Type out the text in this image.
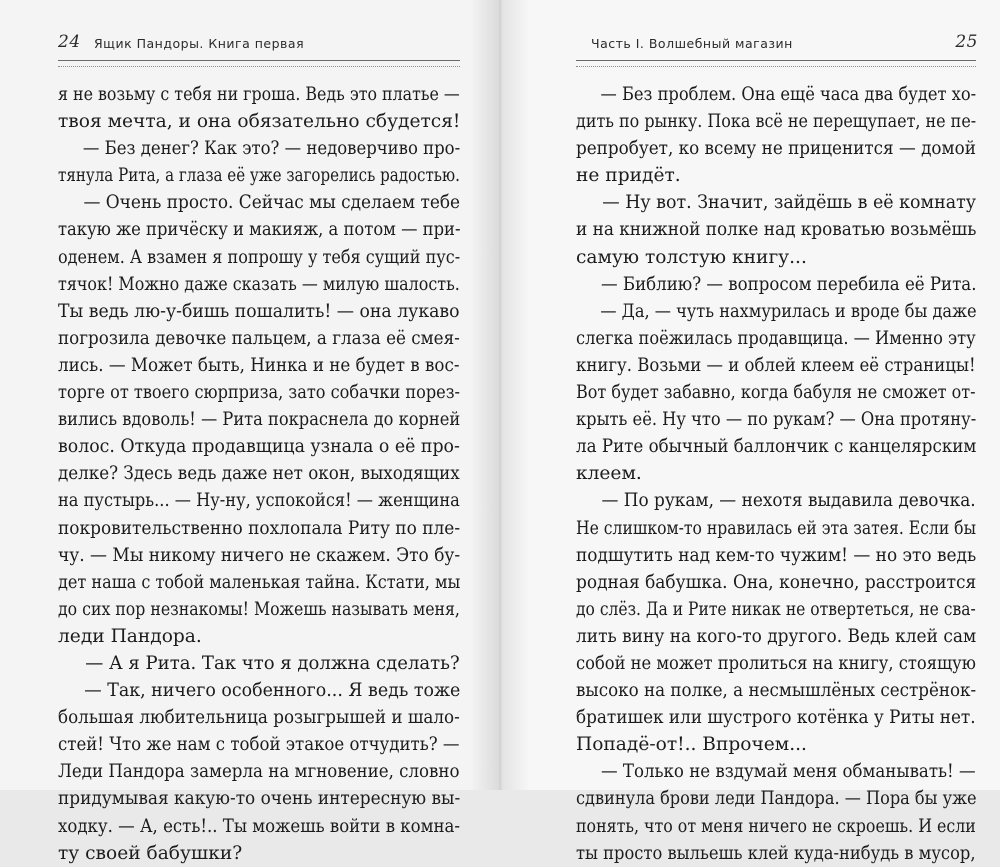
24 Ящик Пандоры. Книга первая
я не возьму с тебя ни гроша. Ведь это платье —
твоя мечта, и она обязательно сбудется!
— Без денег? Как это? — недоверчиво про-
тянула Рита, а глаза её уже загорелись радостью.
— Очень просто. Сейчас мы сделаем тебе
такую же причёску и макияж, а потом — при-
оденем. А взамен я попрошу у тебя сущий пус-
тячок! Можно даже сказать — милую шалость.
Ты ведь лю-у-бишь пошалить! — она лукаво
погрозила девочке пальцем, а глаза её смея-
лись. — Может быть, Нинка и не будет в вос-
торге от твоего сюрприза, зато собачки порез-
вились вдоволь! — Рита покраснела до корней
волос. Откуда продавщица узнала о её про-
делке? Здесь ведь даже нет окон, выходящих
на пустырь... — Ну-ну, успокойся! — женщина
покровительственно похлопала Риту по пле-
чу. — Мы никому ничего не скажем. Это бу-
дет наша с тобой маленькая тайна. Кстати, мы
до сих пор незнакомы! Можешь называть меня,
леди Пандора.
— А я Рита. Так что я должна сделать?
— Так, ничего особенного... Я ведь тоже
большая любительница розыгрышей и шало-
стей! Что же нам с тобой этакое отчудить? —
Леди Пандора замерла на мгновение, словно
придумывая какую-то очень интересную вы-
ходку. — А, есть!.. Ты можешь войти в комна-
ту своей бабушки?
Часть I. Волшебный магазин	25
— Без проблем. Она ещё часа два будет хо-
дить по рынку. Пока всё не перещупает, не пе-
репробует, ко всему не приценится — домой
не придёт.
— Ну вот. Значит, зайдёшь в её комнату
и на книжной полке над кроватью возьмёшь
самую толстую книгу...
— Библию? — вопросом перебила её Рита.
— Да, — чуть нахмурилась и вроде бы даже
слегка поёжилась продавщица. — Именно эту
книгу. Возьми — и облей клеем её страницы!
Вот будет забавно, когда бабуля не сможет от-
крыть её. Ну что — по рукам? — Она протяну-
ла Рите обычный баллончик с канцелярским
клеем.
— По рукам, — нехотя выдавила девочка.
Не слишком-то нравилась ей эта затея. Если бы
подшутить над кем-то чужим! — но это ведь
родная бабушка. Она, конечно, расстроится
до слёз. Да и Рите никак не отвертеться, не сва-
лить вину на кого-то другого. Ведь клей сам
собой не может пролиться на книгу, стоящую
высоко на полке, а несмышлёных сестрёнок-
братишек или шустрого котёнка у Риты нет.
Попадё-от!.. Впрочем...
— Только не вздумай меня обманывать! —
сдвинула брови леди Пандора. — Пора бы уже
понять, что от меня ничего не скроешь. И если
ты просто выльешь клей куда-нибудь в мусор,
